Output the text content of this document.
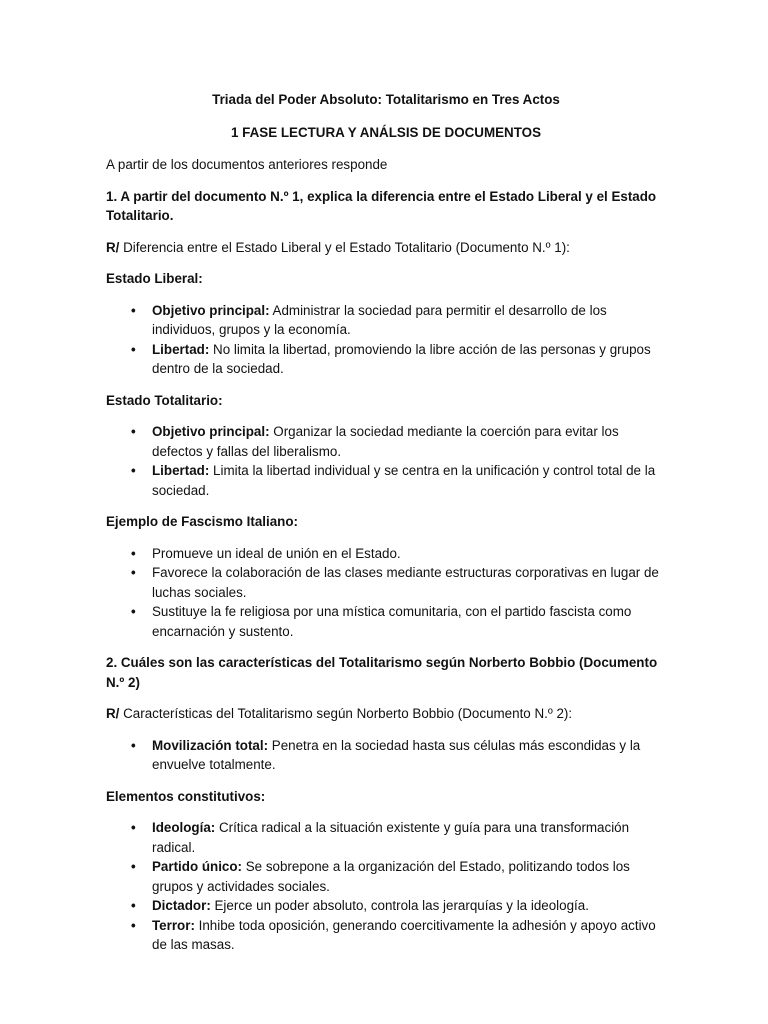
Triada del Poder Absoluto: Totalitarismo en Tres Actos

1 FASE LECTURA Y ANÁLSIS DE DOCUMENTOS

A partir de los documentos anteriores responde

1. A partir del documento N.º 1, explica la diferencia entre el Estado Liberal y el Estado Totalitario.

R/ Diferencia entre el Estado Liberal y el Estado Totalitario (Documento N.º 1):

Estado Liberal:

• Objetivo principal: Administrar la sociedad para permitir el desarrollo de los individuos, grupos y la economía.
• Libertad: No limita la libertad, promoviendo la libre acción de las personas y grupos dentro de la sociedad.

Estado Totalitario:

• Objetivo principal: Organizar la sociedad mediante la coerción para evitar los defectos y fallas del liberalismo.
• Libertad: Limita la libertad individual y se centra en la unificación y control total de la sociedad.

Ejemplo de Fascismo Italiano:

• Promueve un ideal de unión en el Estado.
• Favorece la colaboración de las clases mediante estructuras corporativas en lugar de luchas sociales.
• Sustituye la fe religiosa por una mística comunitaria, con el partido fascista como encarnación y sustento.

2. Cuáles son las características del Totalitarismo según Norberto Bobbio (Documento N.º 2)

R/ Características del Totalitarismo según Norberto Bobbio (Documento N.º 2):

• Movilización total: Penetra en la sociedad hasta sus células más escondidas y la envuelve totalmente.

Elementos constitutivos:

• Ideología: Crítica radical a la situación existente y guía para una transformación radical.
• Partido único: Se sobrepone a la organización del Estado, politizando todos los grupos y actividades sociales.
• Dictador: Ejerce un poder absoluto, controla las jerarquías y la ideología.
• Terror: Inhibe toda oposición, generando coercitivamente la adhesión y apoyo activo de las masas.
